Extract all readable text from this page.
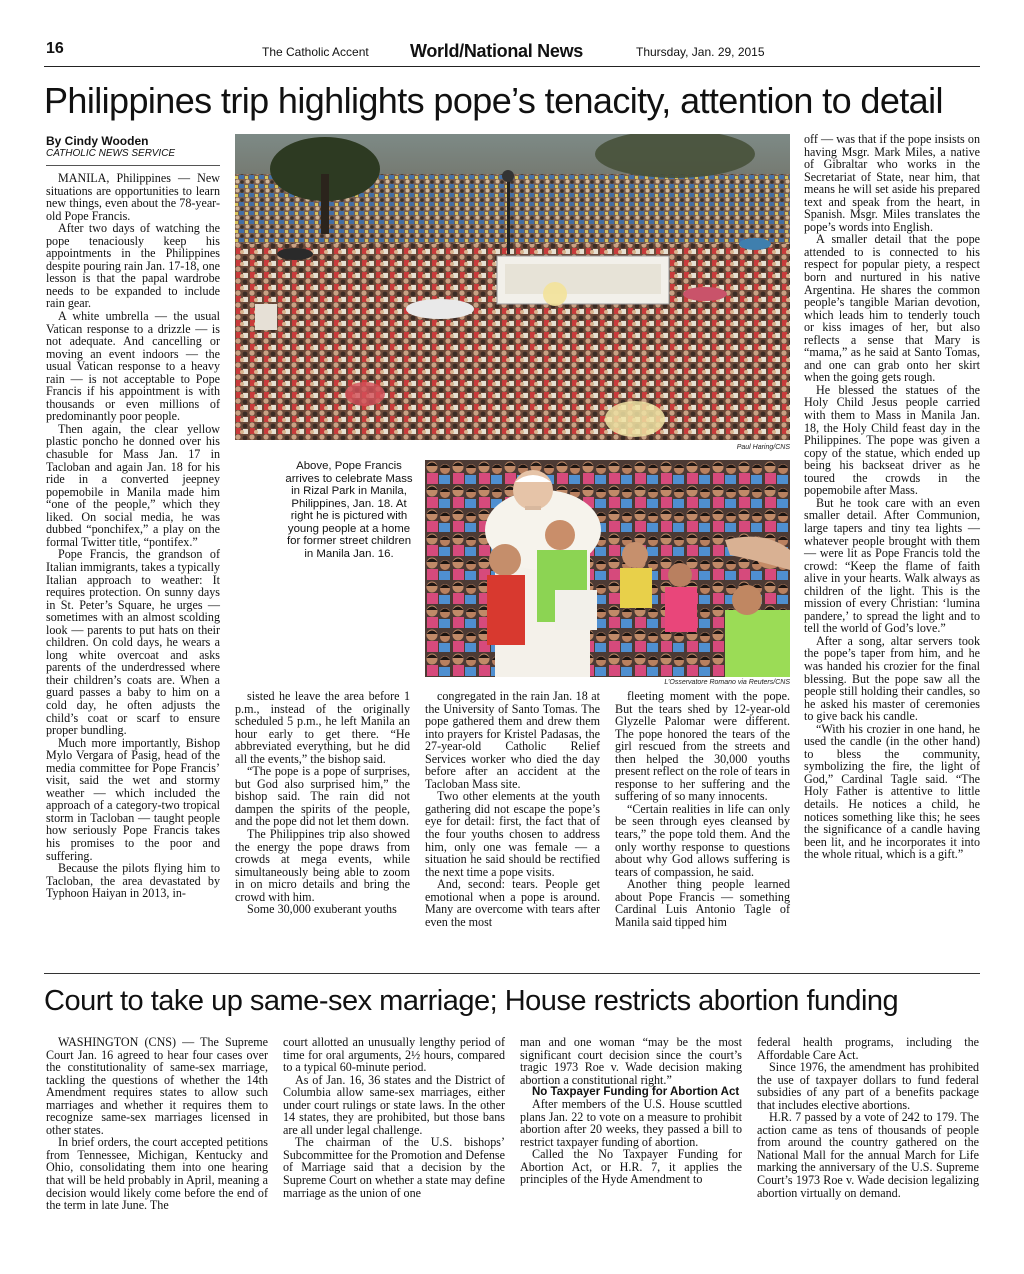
16	The Catholic Accent World/National News	Thursday, Jan. 29, 2015
Philippines trip highlights pope’s tenacity, attention to detail
By Cindy Wooden
CATHOLIC NEWS SERVICE

MANILA, Philippines — New situations are opportunities to learn new things, even about the 78-year-old Pope Francis.

After two days of watching the pope tenaciously keep his appointments in the Philippines despite pouring rain Jan. 17-18, one lesson is that the papal wardrobe needs to be expanded to include rain gear.

A white umbrella — the usual Vatican response to a drizzle — is not adequate. And cancelling or moving an event indoors — the usual Vatican response to a heavy rain — is not acceptable to Pope Francis if his appointment is with thousands or even millions of predominantly poor people.

Then again, the clear yellow plastic poncho he donned over his chasuble for Mass Jan. 17 in Tacloban and again Jan. 18 for his ride in a converted jeepney popemobile in Manila made him “one of the people,” which they liked. On social media, he was dubbed “ponchifex,” a play on the formal Twitter title, “pontifex.”

Pope Francis, the grandson of Italian immigrants, takes a typically Italian approach to weather: It requires protection. On sunny days in St. Peter’s Square, he urges — sometimes with an almost scolding look — parents to put hats on their children. On cold days, he wears a long white overcoat and asks parents of the underdressed where their children’s coats are. When a guard passes a baby to him on a cold day, he often adjusts the child’s coat or scarf to ensure proper bundling.

Much more importantly, Bishop Mylo Vergara of Pasig, head of the media committee for Pope Francis’ visit, said the wet and stormy weather — which included the approach of a category-two tropical storm in Tacloban — taught people how seriously Pope Francis takes his promises to the poor and suffering.

Because the pilots flying him to Tacloban, the area devastated by Typhoon Haiyan in 2013, in-

sisted he leave the area before 1 p.m., instead of the originally scheduled 5 p.m., he left Manila an hour early to get there. “He abbreviated everything, but he did all the events,” the bishop said.

“The pope is a pope of surprises, but God also surprised him,” the bishop said. The rain did not dampen the spirits of the people, and the pope did not let them down.

The Philippines trip also showed the energy the pope draws from crowds at mega events, while simultaneously being able to zoom in on micro details and bring the crowd with him.

Some 30,000 exuberant youths

congregated in the rain Jan. 18 at the University of Santo Tomas. The pope gathered them and drew them into prayers for Kristel Padasas, the 27-year-old Catholic Relief Services worker who died the day before after an accident at the Tacloban Mass site.

Two other elements at the youth gathering did not escape the pope’s eye for detail: first, the fact that of the four youths chosen to address him, only one was female — a situation he said should be rectified the next time a pope visits.

And, second: tears. People get emotional when a pope is around. Many are overcome with tears after even the most

fleeting moment with the pope. But the tears shed by 12-year-old Glyzelle Palomar were different. The pope honored the tears of the girl rescued from the streets and then helped the 30,000 youths present reflect on the role of tears in response to her suffering and the suffering of so many innocents.

“Certain realities in life can only be seen through eyes cleansed by tears,” the pope told them. And the only worthy response to questions about why God allows suffering is tears of compassion, he said.

Another thing people learned about Pope Francis — something Cardinal Luis Antonio Tagle of Manila said tipped him

off — was that if the pope insists on having Msgr. Mark Miles, a native of Gibraltar who works in the Secretariat of State, near him, that means he will set aside his prepared text and speak from the heart, in Spanish. Msgr. Miles translates the pope’s words into English.

A smaller detail that the pope attended to is connected to his respect for popular piety, a respect born and nurtured in his native Argentina. He shares the common people’s tangible Marian devotion, which leads him to tenderly touch or kiss images of her, but also reflects a sense that Mary is “mama,” as he said at Santo Tomas, and one can grab onto her skirt when the going gets rough.

He blessed the statues of the Holy Child Jesus people carried with them to Mass in Manila Jan. 18, the Holy Child feast day in the Philippines. The pope was given a copy of the statue, which ended up being his backseat driver as he toured the crowds in the popemobile after Mass.

But he took care with an even smaller detail. After Communion, large tapers and tiny tea lights — whatever people brought with them — were lit as Pope Francis told the crowd: “Keep the flame of faith alive in your hearts. Walk always as children of the light. This is the mission of every Christian: ‘lumina pandere,’ to spread the light and to tell the world of God’s love.”

After a song, altar servers took the pope’s taper from him, and he was handed his crozier for the final blessing. But the pope saw all the people still holding their candles, so he asked his master of ceremonies to give back his candle.

“With his crozier in one hand, he used the candle (in the other hand) to bless the community, symbolizing the fire, the light of God,” Cardinal Tagle said. “The Holy Father is attentive to little details. He notices a child, he notices something like this; he sees the significance of a candle having been lit, and he incorporates it into the whole ritual, which is a gift.”

Paul Haring/CNS
Above, Pope Francis arrives to celebrate Mass in Rizal Park in Manila, Philippines, Jan. 18. At right he is pictured with young people at a home for former street children in Manila Jan. 16.
L’Osservatore Romano via Reuters/CNS
Court to take up same-sex marriage; House restricts abortion funding

WASHINGTON (CNS) — The Supreme Court Jan. 16 agreed to hear four cases over the constitutionality of same-sex marriage, tackling the questions of whether the 14th Amendment requires states to allow such marriages and whether it requires them to recognize same-sex marriages licensed in other states.

In brief orders, the court accepted petitions from Tennessee, Michigan, Kentucky and Ohio, consolidating them into one hearing that will be held probably in April, meaning a decision would likely come before the end of the term in late June. The

court allotted an unusually lengthy period of time for oral arguments, 2½ hours, compared to a typical 60-minute period.

As of Jan. 16, 36 states and the District of Columbia allow same-sex marriages, either under court rulings or state laws. In the other 14 states, they are prohibited, but those bans are all under legal challenge.

The chairman of the U.S. bishops’ Subcommittee for the Promotion and Defense of Marriage said that a decision by the Supreme Court on whether a state may define marriage as the union of one

man and one woman “may be the most significant court decision since the court’s tragic 1973 Roe v. Wade decision making abortion a constitutional right.”

No Taxpayer Funding for Abortion Act

After members of the U.S. House scuttled plans Jan. 22 to vote on a measure to prohibit abortion after 20 weeks, they passed a bill to restrict taxpayer funding of abortion.

Called the No Taxpayer Funding for Abortion Act, or H.R. 7, it applies the principles of the Hyde Amendment to

federal health programs, including the Affordable Care Act.

Since 1976, the amendment has prohibited the use of taxpayer dollars to fund federal subsidies of any part of a benefits package that includes elective abortions.

H.R. 7 passed by a vote of 242 to 179. The action came as tens of thousands of people from around the country gathered on the National Mall for the annual March for Life marking the anniversary of the U.S. Supreme Court’s 1973 Roe v. Wade decision legalizing abortion virtually on demand.
